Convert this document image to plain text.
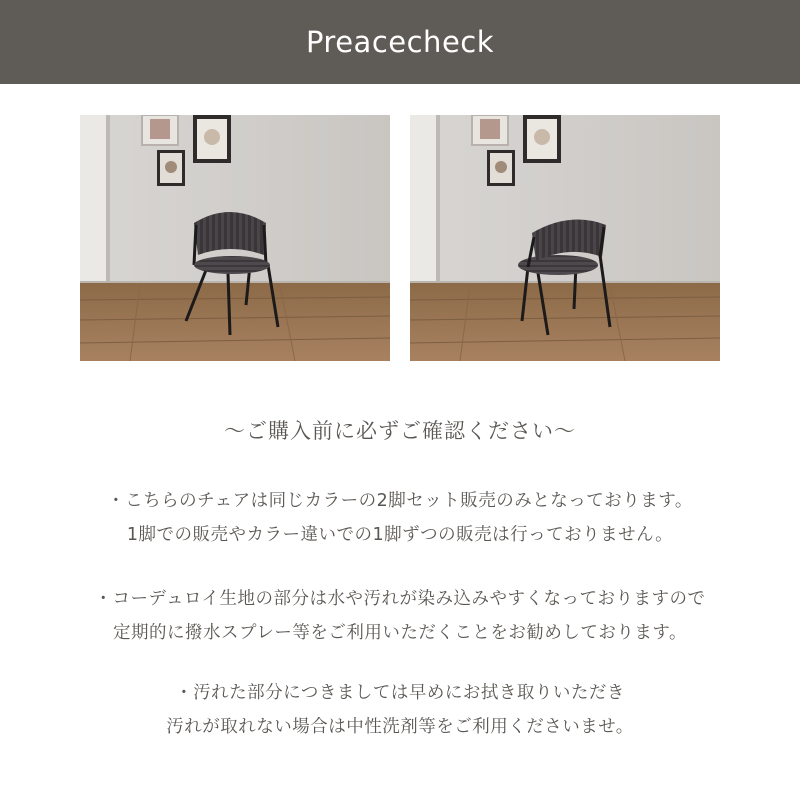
Preacecheck
〜ご購入前に必ずご確認ください〜

・こちらのチェアは同じカラーの2脚セット販売のみとなっております。

1脚での販売やカラー違いでの1脚ずつの販売は行っておりません。

・コーデュロイ生地の部分は水や汚れが染み込みやすくなっておりますので

定期的に撥水スプレー等をご利用いただくことをお勧めしております。

・汚れた部分につきましては早めにお拭き取りいただき

汚れが取れない場合は中性洗剤等をご利用くださいませ。
